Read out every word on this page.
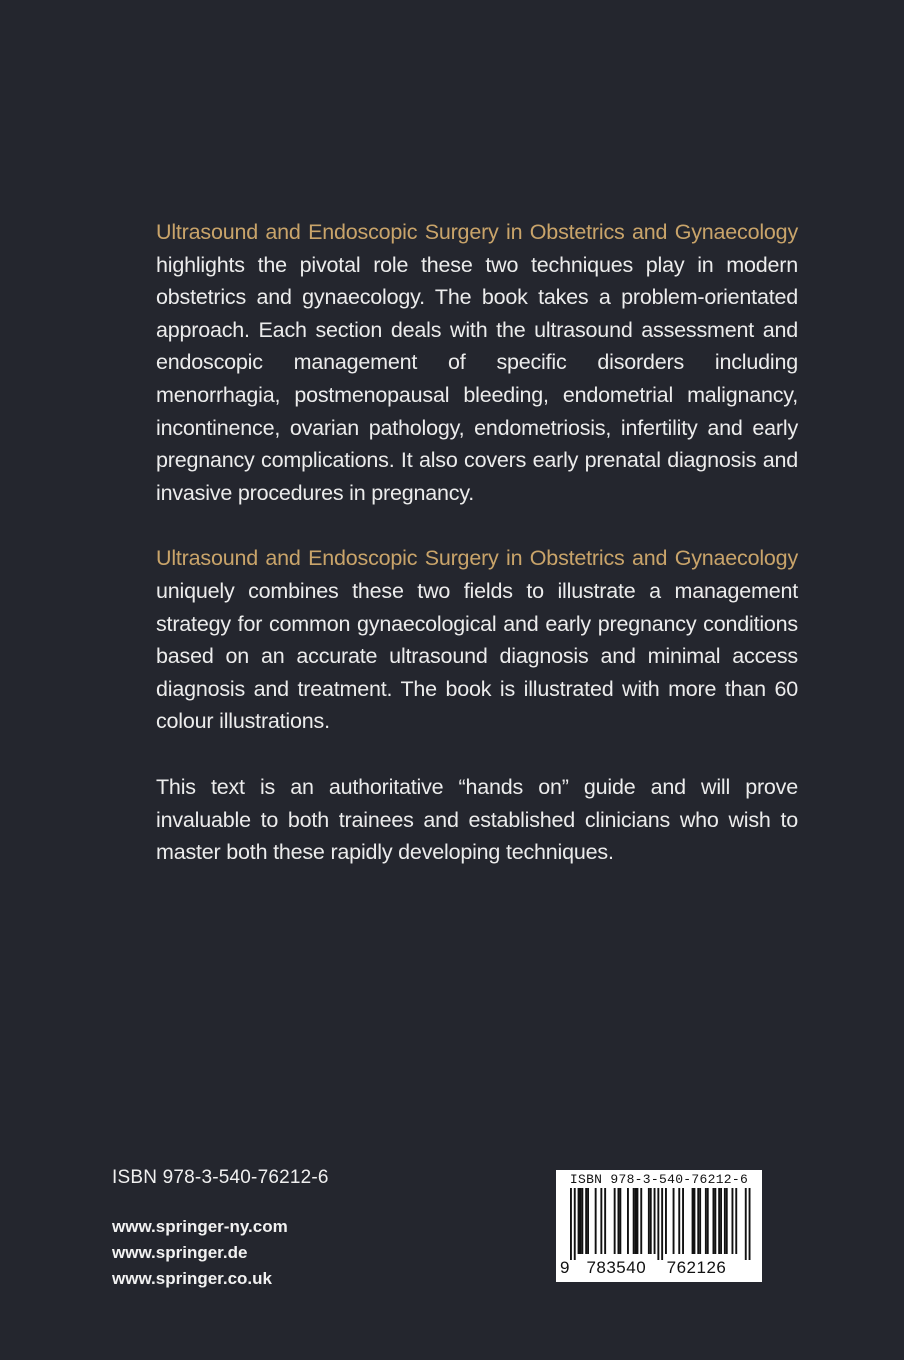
Ultrasound and Endoscopic Surgery in Obstetrics and Gynaecology highlights the pivotal role these two techniques play in modern obstetrics and gynaecology. The book takes a problem-orientated approach. Each section deals with the ultrasound assessment and endoscopic management of specific disorders including menorrhagia, postmenopausal bleeding, endometrial malignancy, incontinence, ovarian pathology, endometriosis, infertility and early pregnancy complications. It also covers early prenatal diagnosis and invasive procedures in pregnancy.

Ultrasound and Endoscopic Surgery in Obstetrics and Gynaecology uniquely combines these two fields to illustrate a management strategy for common gynaecological and early pregnancy conditions based on an accurate ultrasound diagnosis and minimal access diagnosis and treatment. The book is illustrated with more than 60 colour illustrations.

This text is an authoritative “hands on” guide and will prove invaluable to both trainees and established clinicians who wish to master both these rapidly developing techniques.

ISBN 978-3-540-76212-6
www.springer-ny.com
www.springer.de
www.springer.co.uk
ISBN 978-3-540-76212-6
9 783540 762126
